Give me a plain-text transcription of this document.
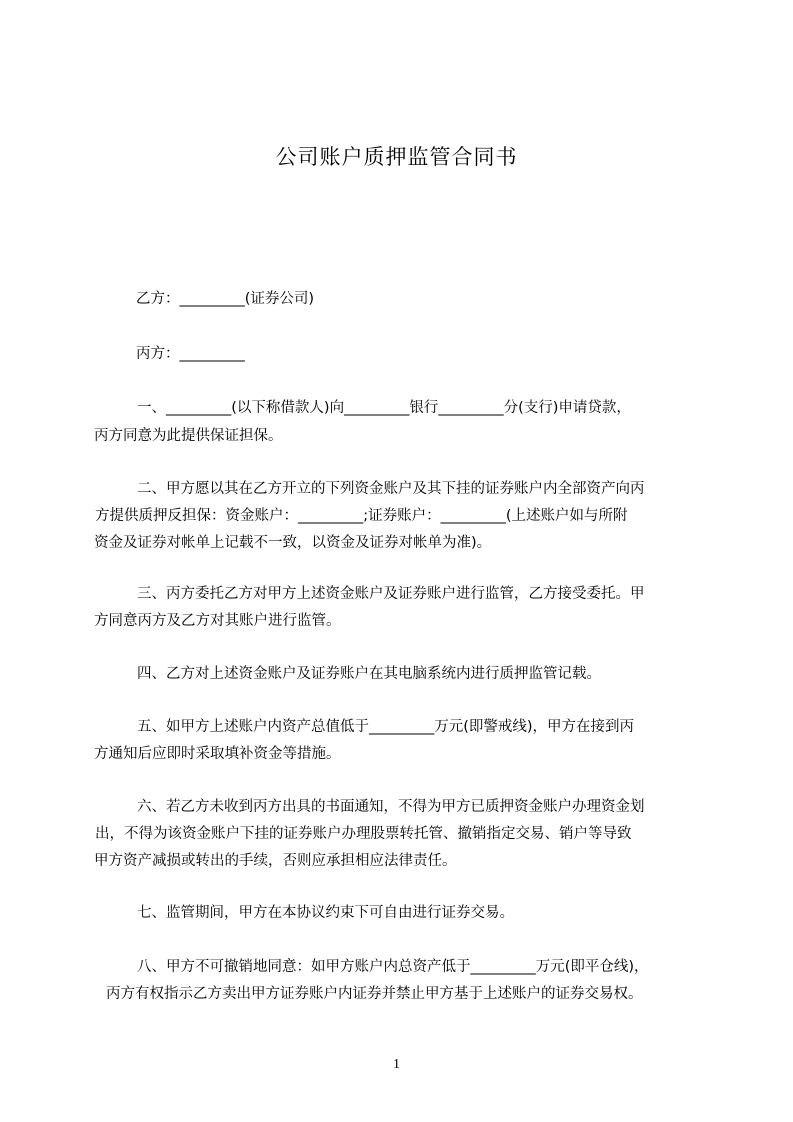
公司账户质押监管合同书

乙方：_________(证券公司)

丙方：_________

一、_________(以下称借款人)向_________银行_________分(支行)申请贷款，

丙方同意为此提供保证担保。

二、甲方愿以其在乙方开立的下列资金账户及其下挂的证券账户内全部资产向丙

方提供质押反担保：资金账户：_________;证券账户：_________(上述账户如与所附

资金及证券对帐单上记载不一致，以资金及证券对帐单为准)。

三、丙方委托乙方对甲方上述资金账户及证券账户进行监管，乙方接受委托。甲

方同意丙方及乙方对其账户进行监管。

四、乙方对上述资金账户及证券账户在其电脑系统内进行质押监管记载。

五、如甲方上述账户内资产总值低于_________万元(即警戒线)，甲方在接到丙

方通知后应即时采取填补资金等措施。

六、若乙方未收到丙方出具的书面通知，不得为甲方已质押资金账户办理资金划

出，不得为该资金账户下挂的证券账户办理股票转托管、撤销指定交易、销户等导致

甲方资产减损或转出的手续，否则应承担相应法律责任。

七、监管期间，甲方在本协议约束下可自由进行证券交易。

八、甲方不可撤销地同意：如甲方账户内总资产低于_________万元(即平仓线)，

丙方有权指示乙方卖出甲方证券账户内证券并禁止甲方基于上述账户的证券交易权。

1
